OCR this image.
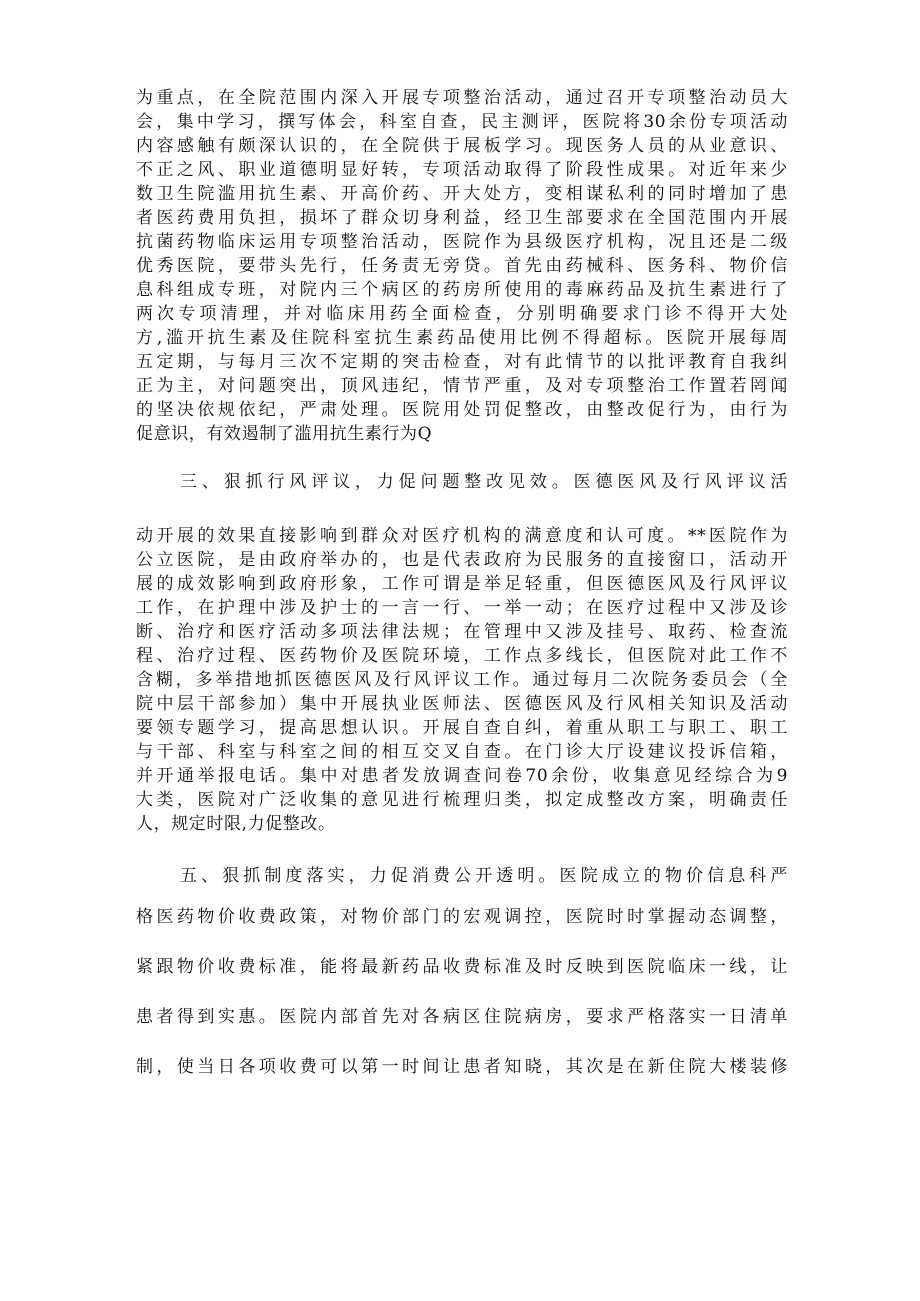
为重点，在全院范围内深入开展专项整治活动，通过召开专项整治动员大
会，集中学习，撰写体会，科室自查，民主测评，医院将30余份专项活动
内容感触有颇深认识的，在全院供于展板学习。现医务人员的从业意识、
不正之风、职业道德明显好转，专项活动取得了阶段性成果。对近年来少
数卫生院滥用抗生素、开高价药、开大处方，变相谋私利的同时增加了患
者医药费用负担，损坏了群众切身利益，经卫生部要求在全国范围内开展
抗菌药物临床运用专项整治活动，医院作为县级医疗机构，况且还是二级
优秀医院，要带头先行，任务责无旁贷。首先由药械科、医务科、物价信
息科组成专班，对院内三个病区的药房所使用的毒麻药品及抗生素进行了
两次专项清理，并对临床用药全面检查，分别明确要求门诊不得开大处
方,滥开抗生素及住院科室抗生素药品使用比例不得超标。医院开展每周
五定期，与每月三次不定期的突击检查，对有此情节的以批评教育自我纠
正为主，对问题突出，顶风违纪，情节严重，及对专项整治工作置若罔闻
的坚决依规依纪，严肃处理。医院用处罚促整改，由整改促行为，由行为
促意识，有效遏制了滥用抗生素行为Q
三、狠抓行风评议，力促问题整改见效。医德医风及行风评议活
动开展的效果直接影响到群众对医疗机构的满意度和认可度。**医院作为
公立医院，是由政府举办的，也是代表政府为民服务的直接窗口，活动开
展的成效影响到政府形象，工作可谓是举足轻重，但医德医风及行风评议
工作，在护理中涉及护士的一言一行、一举一动；在医疗过程中又涉及诊
断、治疗和医疗活动多项法律法规；在管理中又涉及挂号、取药、检查流
程、治疗过程、医药物价及医院环境，工作点多线长，但医院对此工作不
含糊，多举措地抓医德医风及行风评议工作。通过每月二次院务委员会（全
院中层干部参加）集中开展执业医师法、医德医风及行风相关知识及活动
要领专题学习，提高思想认识。开展自查自纠，着重从职工与职工、职工
与干部、科室与科室之间的相互交叉自查。在门诊大厅设建议投诉信箱，
并开通举报电话。集中对患者发放调查问卷70余份，收集意见经综合为9
大类，医院对广泛收集的意见进行梳理归类，拟定成整改方案，明确责任
人，规定时限,力促整改。
五、狠抓制度落实，力促消费公开透明。医院成立的物价信息科严
格医药物价收费政策，对物价部门的宏观调控，医院时时掌握动态调整，
紧跟物价收费标准，能将最新药品收费标准及时反映到医院临床一线，让
患者得到实惠。医院内部首先对各病区住院病房，要求严格落实一日清单
制，使当日各项收费可以第一时间让患者知晓，其次是在新住院大楼装修
